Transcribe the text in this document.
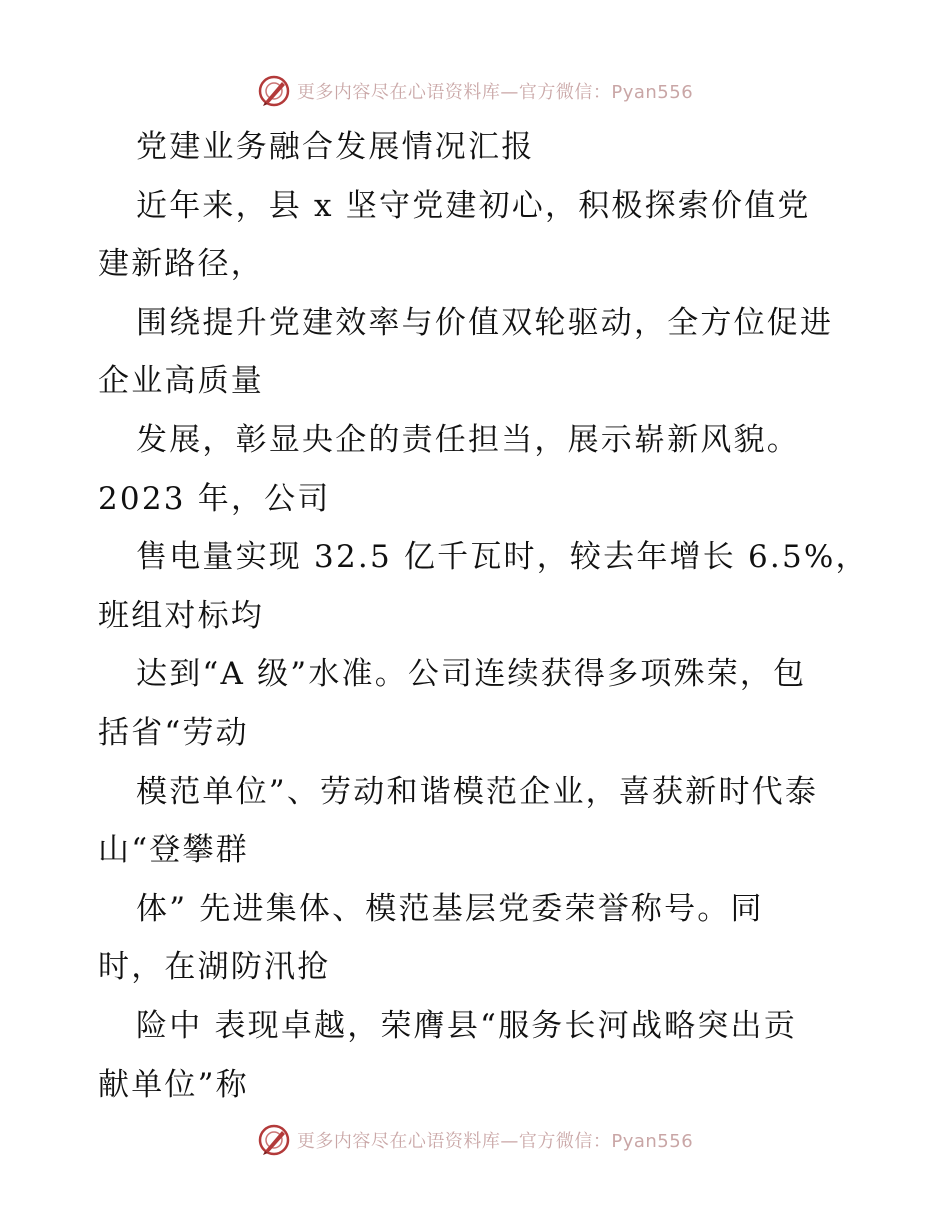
更多内容尽在心语资料库—官方微信：Pyan556
党建业务融合发展情况汇报
近年来，县 x 坚守党建初心，积极探索价值党
建新路径，
围绕提升党建效率与价值双轮驱动，全方位促进
企业高质量
发展，彰显央企的责任担当，展示崭新风貌。
2023 年，公司
售电量实现 32.5 亿千瓦时，较去年增长 6.5%，
班组对标均
达到“A 级”水准。公司连续获得多项殊荣，包
括省“劳动
模范单位”、劳动和谐模范企业，喜获新时代泰
山“登攀群
体” 先进集体、模范基层党委荣誉称号。同
时，在湖防汛抢
险中 表现卓越，荣膺县“服务长河战略突出贡
献单位”称
更多内容尽在心语资料库—官方微信：Pyan556
